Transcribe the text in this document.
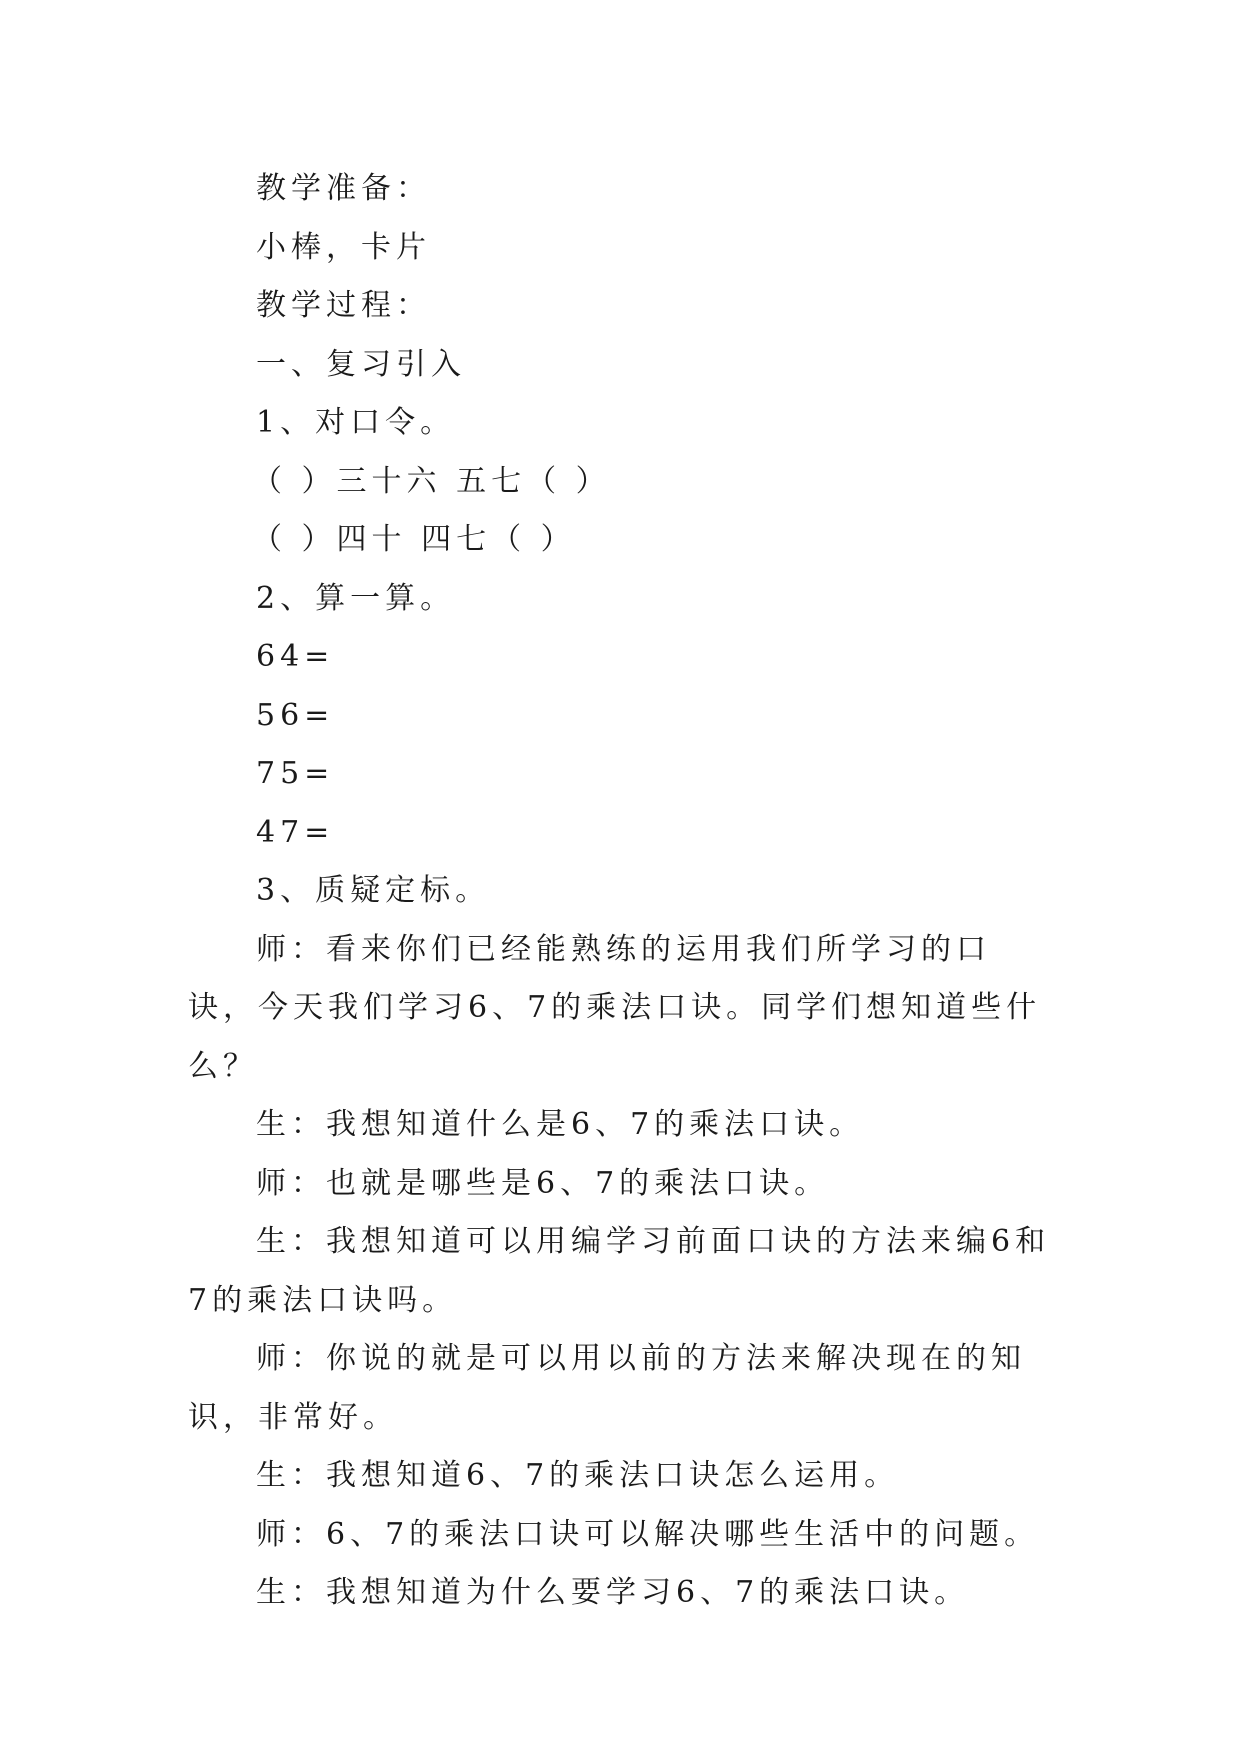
教学准备：

小棒，卡片

教学过程：

一、复习引入

1、对口令。

（ ）三十六 五七（ ）

（ ）四十 四七（ ）

2、算一算。

64=

56=

75=

47=

3、质疑定标。

师：看来你们已经能熟练的运用我们所学习的口诀，今天我们学习6、7的乘法口诀。同学们想知道些什么？

生：我想知道什么是6、7的乘法口诀。

师：也就是哪些是6、7的乘法口诀。

生：我想知道可以用编学习前面口诀的方法来编6和7的乘法口诀吗。

师：你说的就是可以用以前的方法来解决现在的知识，非常好。

生：我想知道6、7的乘法口诀怎么运用。

师：6、7的乘法口诀可以解决哪些生活中的问题。

生：我想知道为什么要学习6、7的乘法口诀。
